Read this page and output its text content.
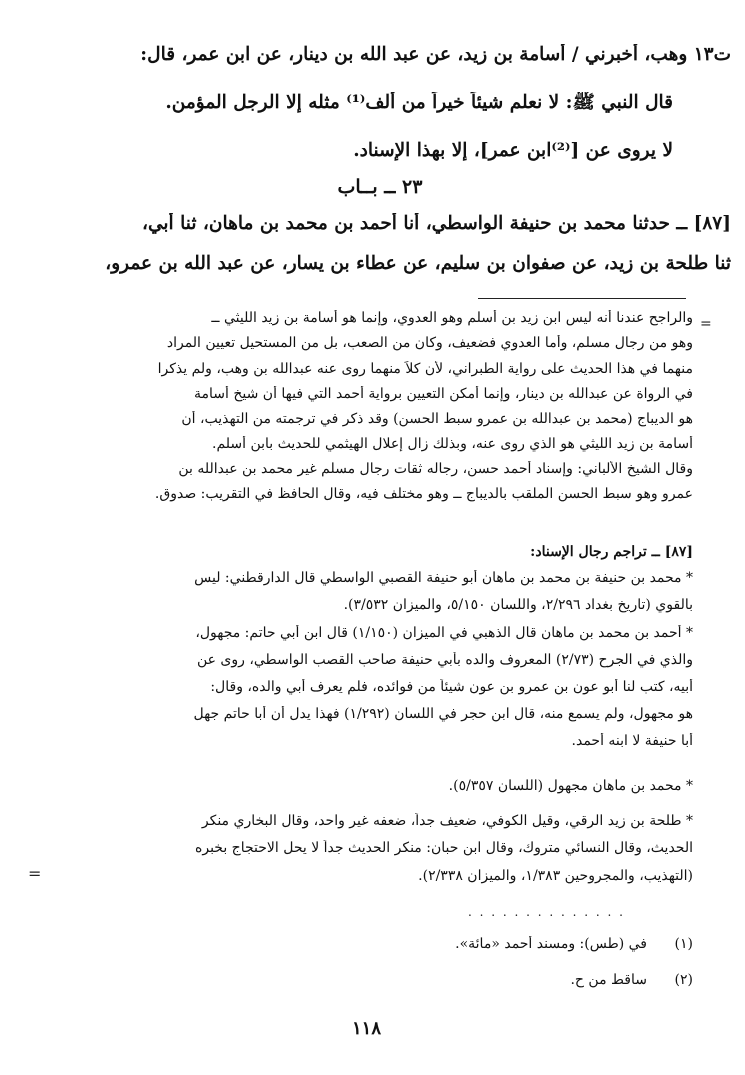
ت١٣ وهب، أخبرني / أسامة بن زيد، عن عبد الله بن دينار، عن ابن عمر، قال:
قال النبي ﷺ: لا نعلم شيئاً خيراً من ألف⁽¹⁾ مثله إلا الرجل المؤمن.
لا يروى عن [⁽²⁾ابن عمر]، إلا بهذا الإسناد.
٢٣ ــ بــاب
[٨٧] ــ حدثنا محمد بن حنيفة الواسطي، أنا أحمد بن محمد بن ماهان، ثنا أبي،
ثنا طلحة بن زيد، عن صفوان بن سليم، عن عطاء بن يسار، عن عبد الله بن عمرو،
والراجح عندنا أنه ليس ابن زيد بن أسلم وهو العدوي، وإنما هو أسامة بن زيد الليثي ــ
وهو من رجال مسلم، وأما العدوي فضعيف، وكان من الصعب، بل من المستحيل تعيين المراد
منهما في هذا الحديث على رواية الطبراني، لأن كلاً منهما روى عنه عبدالله بن وهب، ولم يذكرا
في الرواة عن عبدالله بن دينار، وإنما أمكن التعيين برواية أحمد التي فيها أن شيخ أسامة
هو الديباج (محمد بن عبدالله بن عمرو سبط الحسن) وقد ذكر في ترجمته من التهذيب، أن
أسامة بن زيد الليثي هو الذي روى عنه، وبذلك زال إعلال الهيثمي للحديث بابن أسلم.
وقال الشيخ الألباني: وإسناد أحمد حسن، رجاله ثقات رجال مسلم غير محمد بن عبدالله بن
عمرو وهو سبط الحسن الملقب بالديباج ــ وهو مختلف فيه، وقال الحافظ في التقريب: صدوق.
[٨٧] ــ تراجم رجال الإسناد:
* محمد بن حنيفة بن محمد بن ماهان أبو حنيفة القصبي الواسطي قال الدارقطني: ليس
بالقوي (تاريخ بغداد ٢/٢٩٦، واللسان ٥/١٥٠، والميزان ٣/٥٣٢).
* أحمد بن محمد بن ماهان قال الذهبي في الميزان (١/١٥٠) قال ابن أبي حاتم: مجهول،
والذي في الجرح (٢/٧٣) المعروف والده بأبي حنيفة صاحب القصب الواسطي، روى عن
أبيه، كتب لنا أبو عون بن عمرو بن عون شيئاً من فوائده، فلم يعرف أبي والده، وقال:
هو مجهول، ولم يسمع منه، قال ابن حجر في اللسان (١/٢٩٢) فهذا يدل أن أبا حاتم جهل
أبا حنيفة لا ابنه أحمد.
* محمد بن ماهان مجهول (اللسان ٥/٣٥٧).
* طلحة بن زيد الرقي، وقيل الكوفي، ضعيف جداً، ضعفه غير واحد، وقال البخاري منكر
الحديث، وقال النسائي متروك، وقال ابن حبان: منكر الحديث جداً لا يحل الاحتجاج بخبره
(التهذيب، والمجروحين ١/٣٨٣، والميزان ٢/٣٣٨).
. . . . . . . . . . . . . .
(١)في (طس): ومسند أحمد «مائة».
(٢)ساقط من ح.
١١٨
=
=
